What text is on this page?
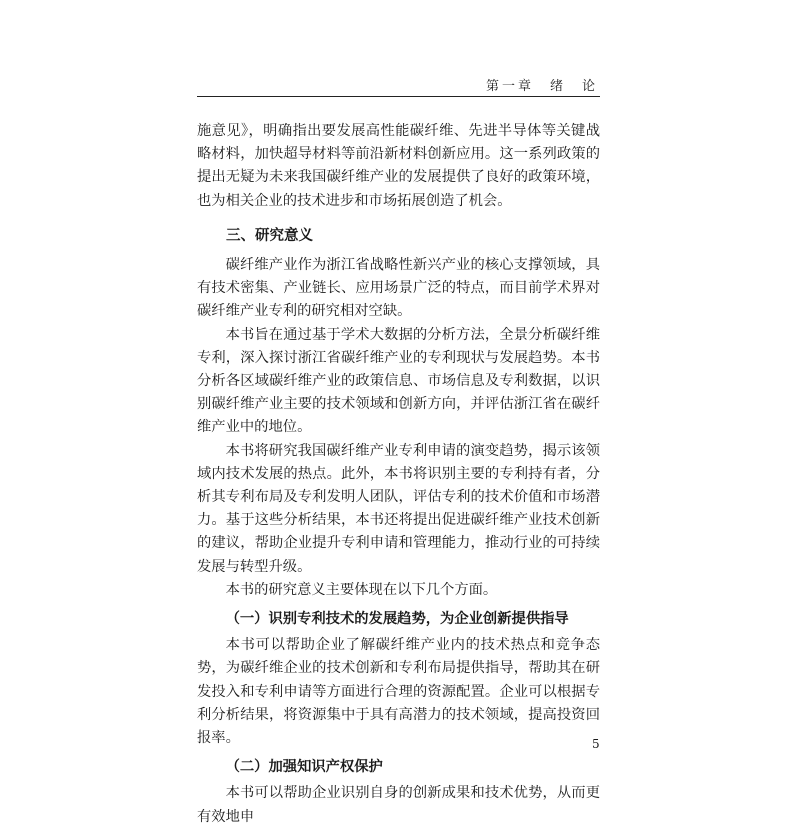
第一章　绪　论

施意见》，明确指出要发展高性能碳纤维、先进半导体等关键战略材料，加快超导材料等前沿新材料创新应用。这一系列政策的提出无疑为未来我国碳纤维产业的发展提供了良好的政策环境，也为相关企业的技术进步和市场拓展创造了机会。

三、研究意义

碳纤维产业作为浙江省战略性新兴产业的核心支撑领域，具有技术密集、产业链长、应用场景广泛的特点，而目前学术界对碳纤维产业专利的研究相对空缺。

本书旨在通过基于学术大数据的分析方法，全景分析碳纤维专利，深入探讨浙江省碳纤维产业的专利现状与发展趋势。本书分析各区域碳纤维产业的政策信息、市场信息及专利数据，以识别碳纤维产业主要的技术领域和创新方向，并评估浙江省在碳纤维产业中的地位。

本书将研究我国碳纤维产业专利申请的演变趋势，揭示该领域内技术发展的热点。此外，本书将识别主要的专利持有者，分析其专利布局及专利发明人团队，评估专利的技术价值和市场潜力。基于这些分析结果，本书还将提出促进碳纤维产业技术创新的建议，帮助企业提升专利申请和管理能力，推动行业的可持续发展与转型升级。

本书的研究意义主要体现在以下几个方面。

（一）识别专利技术的发展趋势，为企业创新提供指导

本书可以帮助企业了解碳纤维产业内的技术热点和竞争态势，为碳纤维企业的技术创新和专利布局提供指导，帮助其在研发投入和专利申请等方面进行合理的资源配置。企业可以根据专利分析结果，将资源集中于具有高潜力的技术领域，提高投资回报率。

（二）加强知识产权保护

本书可以帮助企业识别自身的创新成果和技术优势，从而更有效地申

5
